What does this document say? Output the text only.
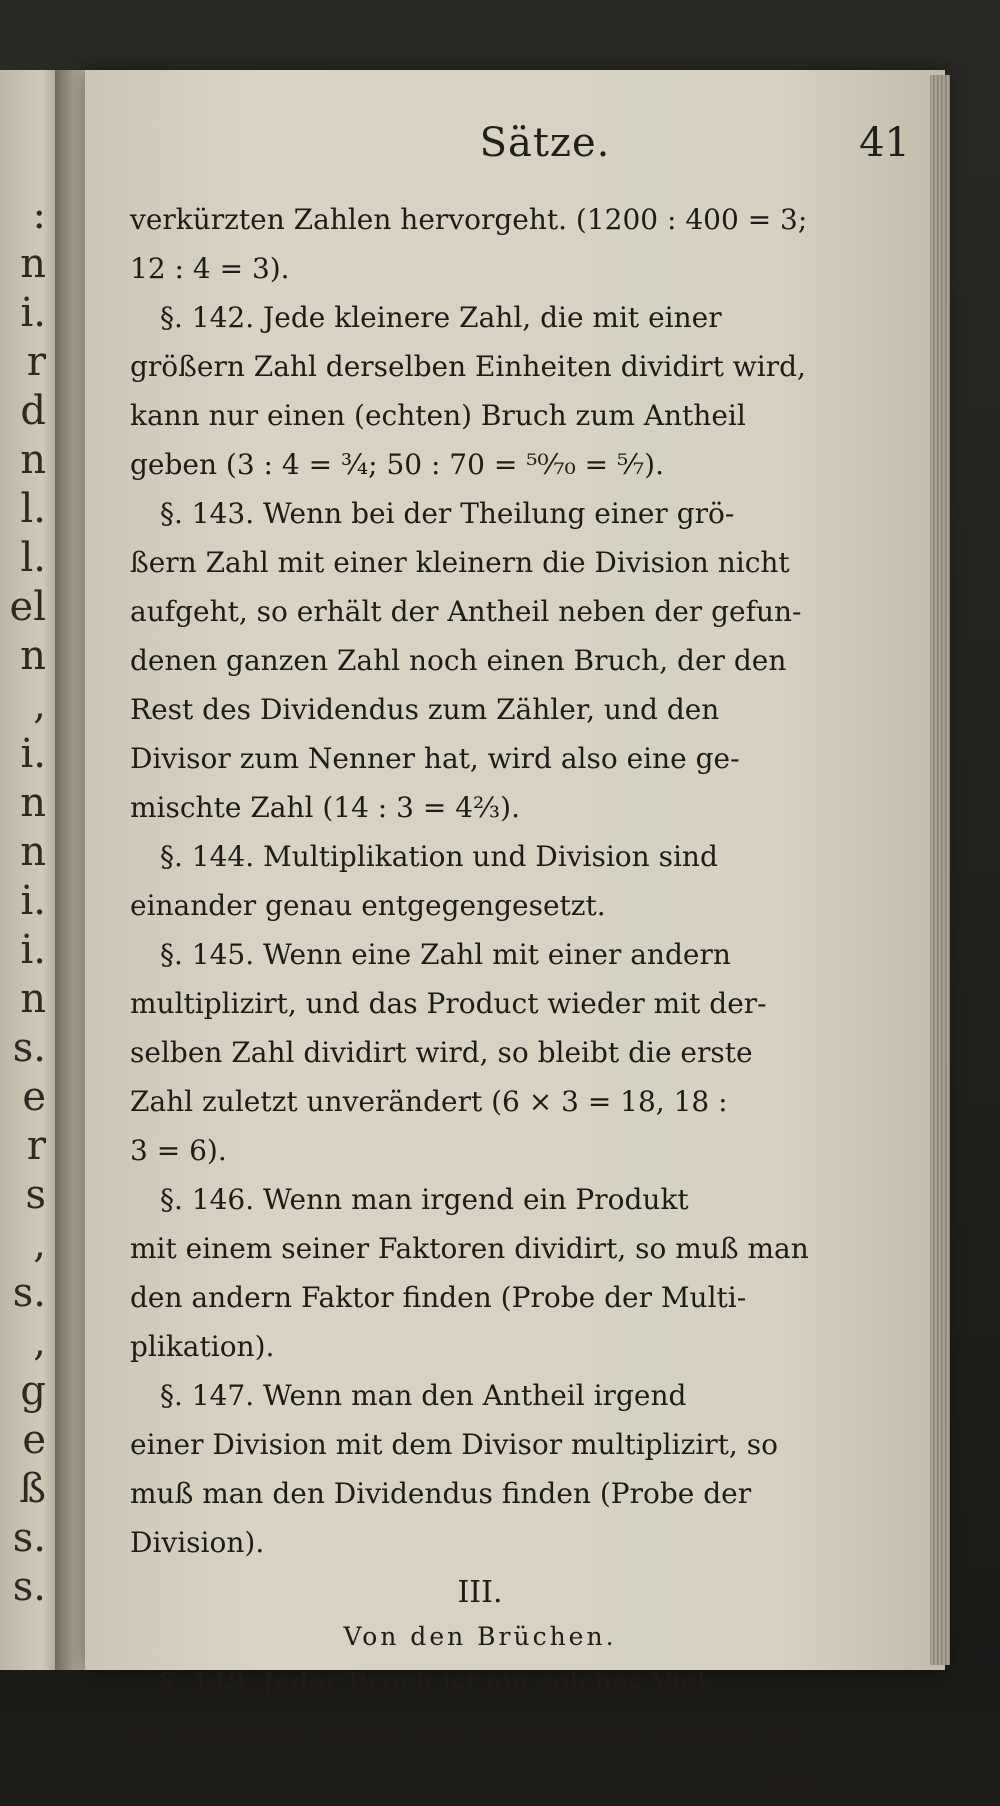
:
n
i.
r
d
n
l.
l.
el
n
,
i.
n
n
i.
i.
n
s.
e
r
s
,
s.
,
g
e
ß
s.
s.
Sätze.	41
verkürzten Zahlen hervorgeht. (1200 : 400 = 3;
12 : 4 = 3).
§. 142. Jede kleinere Zahl, die mit einer
größern Zahl derselben Einheiten dividirt wird,
kann nur einen (echten) Bruch zum Antheil
geben (3 : 4 = ¾; 50 : 70 = ⁵⁰⁄₇₀ = ⁵⁄₇).
§. 143. Wenn bei der Theilung einer grö-
ßern Zahl mit einer kleinern die Division nicht
aufgeht, so erhält der Antheil neben der gefun-
denen ganzen Zahl noch einen Bruch, der den
Rest des Dividendus zum Zähler, und den
Divisor zum Nenner hat, wird also eine ge-
mischte Zahl (14 : 3 = 4⅔).
§. 144. Multiplikation und Division sind
einander genau entgegengesetzt.
§. 145. Wenn eine Zahl mit einer andern
multiplizirt, und das Product wieder mit der-
selben Zahl dividirt wird, so bleibt die erste
Zahl zuletzt unverändert (6 × 3 = 18, 18 :
3 = 6).
§. 146. Wenn man irgend ein Produkt
mit einem seiner Faktoren dividirt, so muß man
den andern Faktor finden (Probe der Multi-
plikation).
§. 147. Wenn man den Antheil irgend
einer Division mit dem Divisor multiplizirt, so
muß man den Dividendus finden (Probe der
Division).
III.
Von den Brüchen.
§. 148. Jeder Bruch ist ein solches Viel-
faches eines durch den Nenner bestimmten ali-
quo.
